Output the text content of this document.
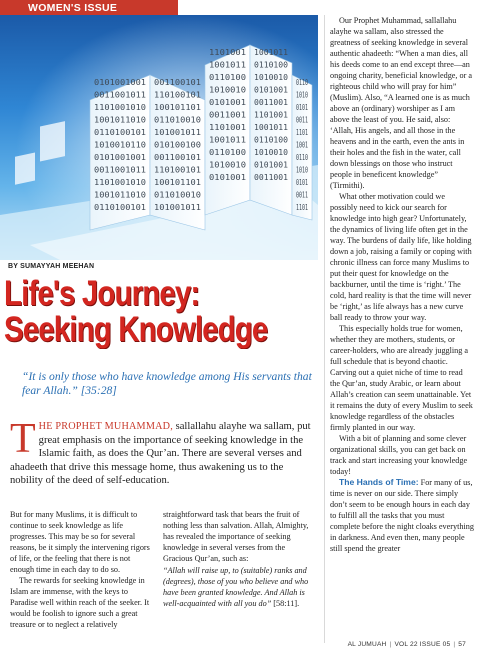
WOMEN'S ISSUE
0101001001
0011001011
1101001010
1001011010
0110100101
1010010110
0101001001
0011001011
1101001010
1001011010
0110100101
001100101
110100101
100101101
011010010
101001011
010100100
001100101
110100101
100101101
011010010
101001011
1101001
1001011
0110100
1010010
0101001
0011001
1101001
1001011
0110100
1010010
0101001
1001011
0110100
1010010
0101001
0011001
1101001
1001011
0110100
1010010
0101001
0011001
0110
1010
0101
0011
1101
1001
0110
1010
0101
0011
1101
BY SUMAYYAH MEEHAN
Life's Journey:
Seeking Knowledge
“It is only those who have knowledge among His servants that fear Allah.” [35:28]
THE PROPHET MUHAMMAD, sallallahu alayhe wa sallam, put great emphasis on the importance of seeking knowledge in the Islamic faith, as does the Qur’an. There are several verses and ahadeeth that drive this message home, thus awakening us to the nobility of the deed of self-education.

But for many Muslims, it is difficult to continue to seek knowledge as life progresses. This may be so for several reasons, be it simply the intervening rigors of life, or the feeling that there is not enough time in each day to do so.

The rewards for seeking knowledge in Islam are immense, with the keys to Paradise well within reach of the seeker. It would be foolish to ignore such a great treasure or to neglect a relatively

straightforward task that bears the fruit of nothing less than salvation. Allah, Almighty, has revealed the importance of seeking knowledge in several verses from the Gracious Qur’an, such as:

“Allah will raise up, to (suitable) ranks and (degrees), those of you who believe and who have been granted knowledge. And Allah is well-acquainted with all you do” [58:11].

Our Prophet Muhammad, sallallahu alayhe wa sallam, also stressed the greatness of seeking knowledge in several authentic ahadeeth: “When a man dies, all his deeds come to an end except three—an ongoing charity, beneficial knowledge, or a righteous child who will pray for him” (Muslim). Also, “A learned one is as much above an (ordinary) worshiper as I am above the least of you. He said, also: ‘Allah, His angels, and all those in the heavens and in the earth, even the ants in their holes and the fish in the water, call down blessings on those who instruct people in beneficent knowledge” (Tirmithi).

What other motivation could we possibly need to kick our search for knowledge into high gear? Unfortunately, the dynamics of living life often get in the way. The burdens of daily life, like holding down a job, raising a family or coping with chronic illness can force many Muslims to put their quest for knowledge on the backburner, until the time is ‘right.’ The cold, hard reality is that the time will never be ‘right,’ as life always has a new curve ball ready to throw your way.

This especially holds true for women, whether they are mothers, students, or career-holders, who are already juggling a full schedule that is beyond chaotic. Carving out a quiet niche of time to read the Qur’an, study Arabic, or learn about Allah’s creation can seem unattainable. Yet it remains the duty of every Muslim to seek knowledge regardless of the obstacles firmly planted in our way.

With a bit of planning and some clever organizational skills, you can get back on track and start increasing your knowledge today!

The Hands of Time: For many of us, time is never on our side. There simply don’t seem to be enough hours in each day to fulfill all the tasks that you must complete before the night cloaks everything in darkness. And even then, many people still spend the greater

AL JUMUAH | VOL 22 ISSUE 05 | 57
